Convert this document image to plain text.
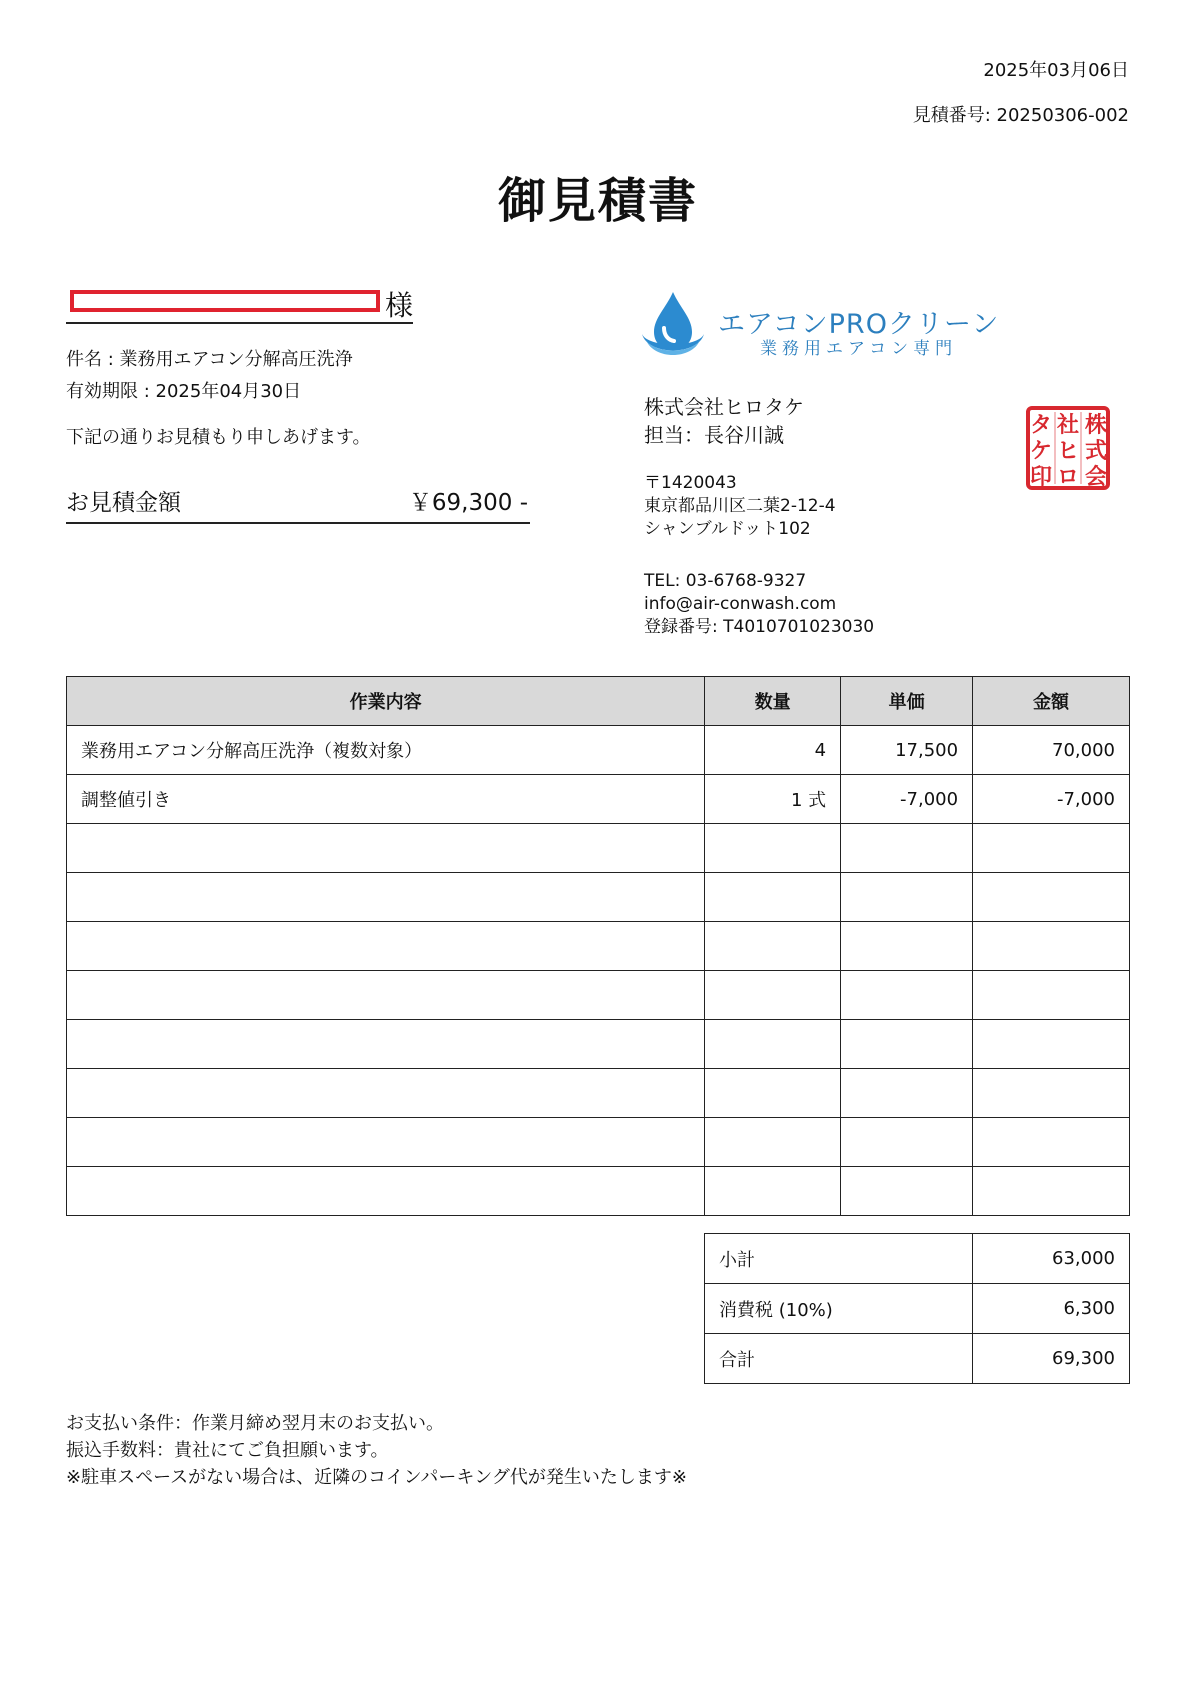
2025年03月06日
見積番号: 20250306-002
御見積書
様
件名 : 業務用エアコン分解高圧洗浄
有効期限 : 2025年04月30日
下記の通りお見積もり申しあげます。
お見積金額	￥69,300 -
エアコンPROクリーン
業務用エアコン専門
株式会社ヒロタケ
担当：長谷川誠
〒1420043
東京都品川区二葉2-12-4
シャンブルドット102
TEL: 03-6768-9327
info@air-conwash.com
登録番号: T4010701023030
株
式
会
社
ヒ
ロ
タ
ケ
印
作業内容	数量	単価	金額
業務用エアコン分解高圧洗浄（複数対象）	4	17,500	70,000
調整値引き	1 式	-7,000	-7,000

小計	63,000
消費税 (10%)	6,300
合計	69,300
お支払い条件：作業月締め翌月末のお支払い。
振込手数料：貴社にてご負担願います。
※駐車スペースがない場合は、近隣のコインパーキング代が発生いたします※
